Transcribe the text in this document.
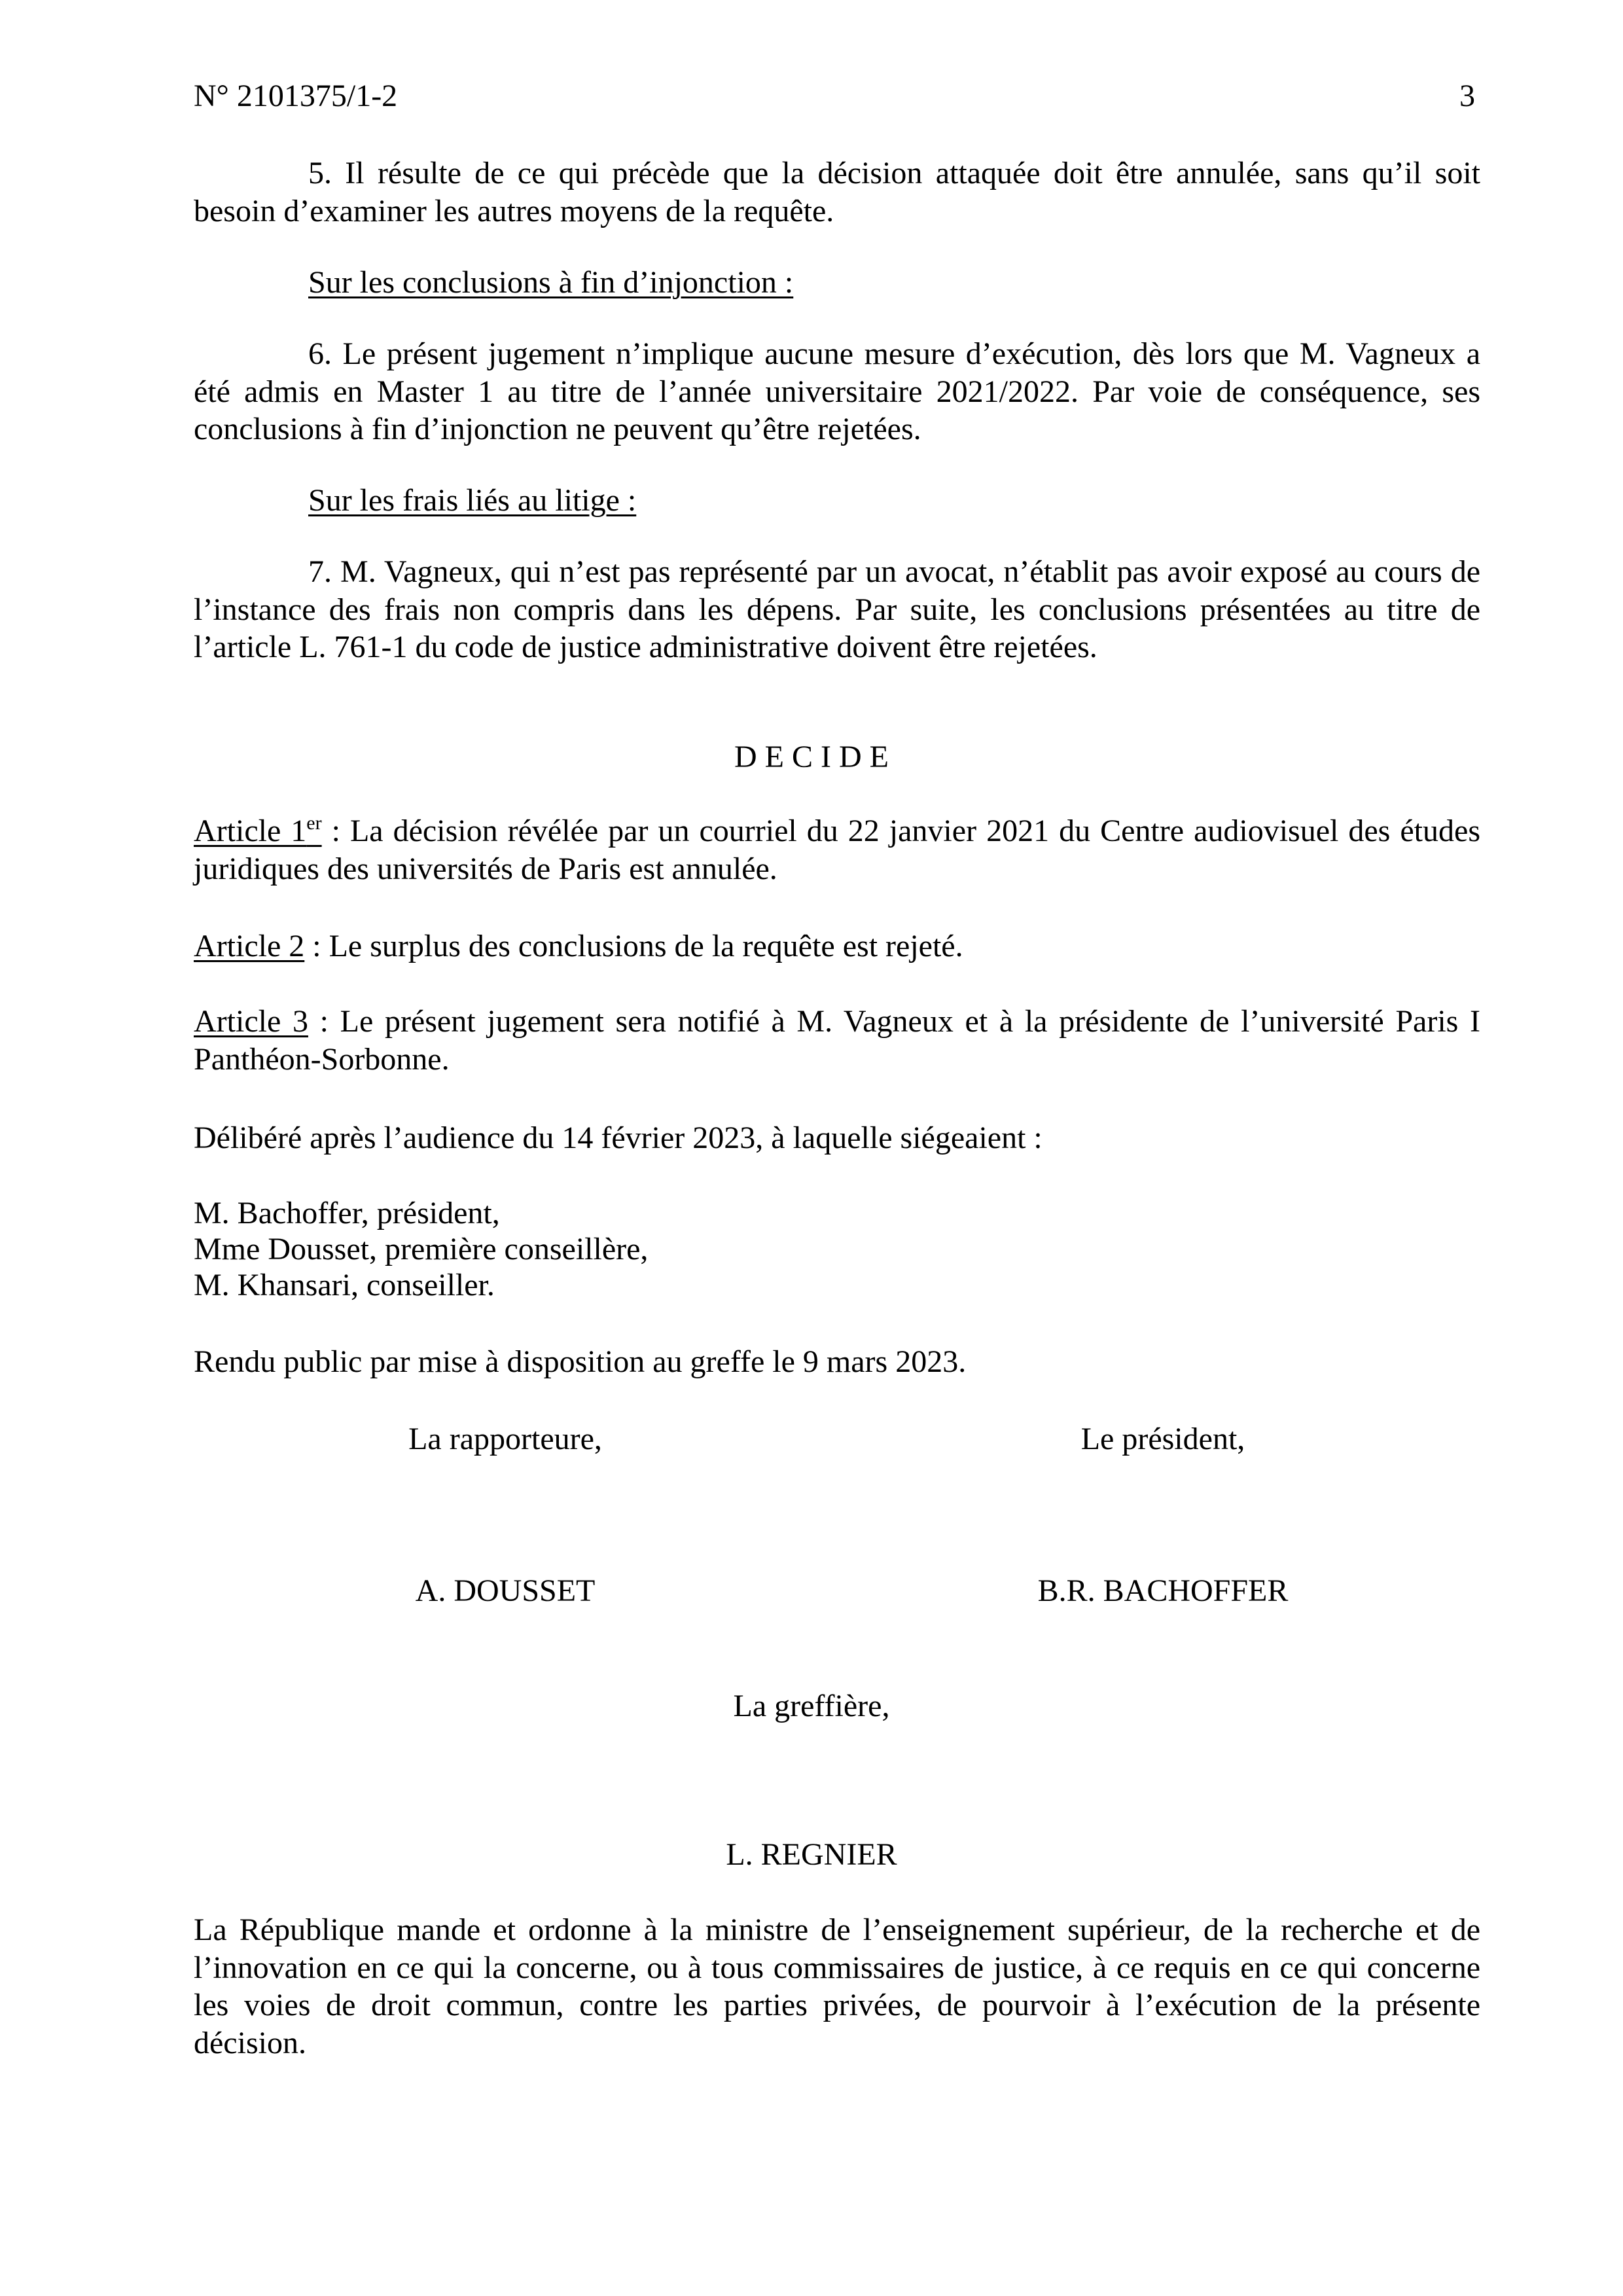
N° 2101375/1-2	3
5. Il résulte de ce qui précède que la décision attaquée doit être annulée, sans qu’il soit besoin d’examiner les autres moyens de la requête.
Sur les conclusions à fin d’injonction :
6. Le présent jugement n’implique aucune mesure d’exécution, dès lors que M. Vagneux a été admis en Master 1 au titre de l’année universitaire 2021/2022. Par voie de conséquence, ses conclusions à fin d’injonction ne peuvent qu’être rejetées.
Sur les frais liés au litige :
7. M. Vagneux, qui n’est pas représenté par un avocat, n’établit pas avoir exposé au cours de l’instance des frais non compris dans les dépens. Par suite, les conclusions présentées au titre de l’article L. 761-1 du code de justice administrative doivent être rejetées.
D E C I D E
Article 1er : La décision révélée par un courriel du 22 janvier 2021 du Centre audiovisuel des études juridiques des universités de Paris est annulée.
Article 2 : Le surplus des conclusions de la requête est rejeté.
Article 3 : Le présent jugement sera notifié à M. Vagneux et à la présidente de l’université Paris I Panthéon-Sorbonne.
Délibéré après l’audience du 14 février 2023, à laquelle siégeaient :
M. Bachoffer, président,
Mme Dousset, première conseillère,
M. Khansari, conseiller.
Rendu public par mise à disposition au greffe le 9 mars 2023.
La rapporteure,	Le président,
A. DOUSSET	B.R. BACHOFFER
La greffière,
L. REGNIER
La République mande et ordonne à la ministre de l’enseignement supérieur, de la recherche et de l’innovation en ce qui la concerne, ou à tous commissaires de justice, à ce requis en ce qui concerne les voies de droit commun, contre les parties privées, de pourvoir à l’exécution de la présente décision.
